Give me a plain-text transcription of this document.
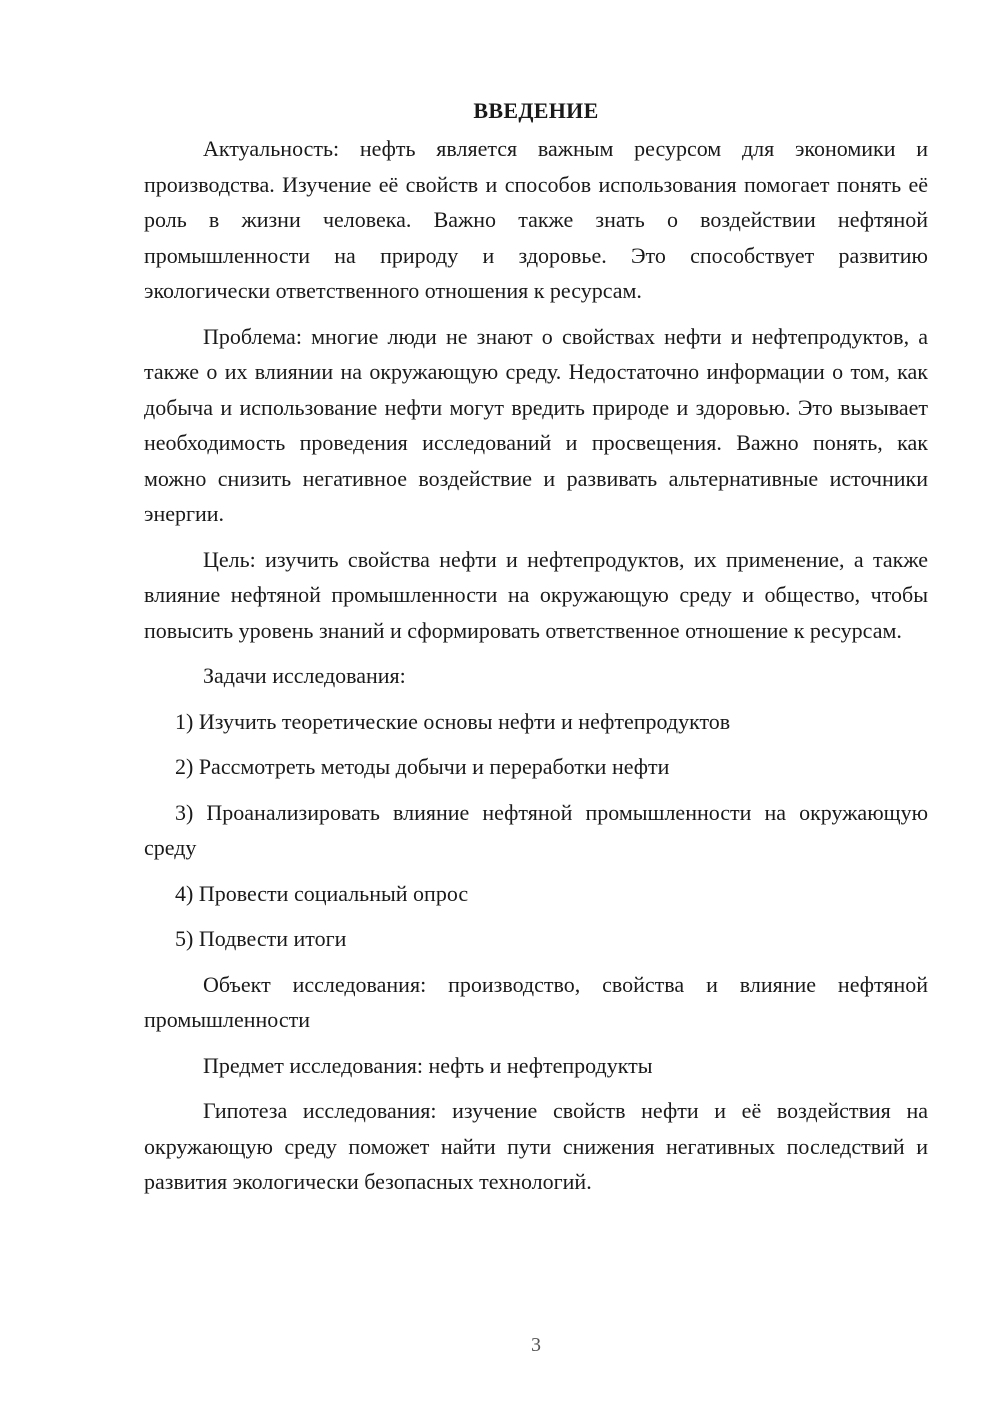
ВВЕДЕНИЕ

Актуальность: нефть является важным ресурсом для экономики и производства. Изучение её свойств и способов использования помогает понять её роль в жизни человека. Важно также знать о воздействии нефтяной промышленности на природу и здоровье. Это способствует развитию экологически ответственного отношения к ресурсам.

Проблема: многие люди не знают о свойствах нефти и нефтепродуктов, а также о их влиянии на окружающую среду. Недостаточно информации о том, как добыча и использование нефти могут вредить природе и здоровью. Это вызывает необходимость проведения исследований и просвещения. Важно понять, как можно снизить негативное воздействие и развивать альтернативные источники энергии.

Цель: изучить свойства нефти и нефтепродуктов, их применение, а также влияние нефтяной промышленности на окружающую среду и общество, чтобы повысить уровень знаний и сформировать ответственное отношение к ресурсам.

Задачи исследования:

1) Изучить теоретические основы нефти и нефтепродуктов

2) Рассмотреть методы добычи и переработки нефти

3) Проанализировать влияние нефтяной промышленности на окружающую среду

4) Провести социальный опрос

5) Подвести итоги

Объект исследования: производство, свойства и влияние нефтяной промышленности

Предмет исследования: нефть и нефтепродукты

Гипотеза исследования: изучение свойств нефти и её воздействия на окружающую среду поможет найти пути снижения негативных последствий и развития экологически безопасных технологий.

3
